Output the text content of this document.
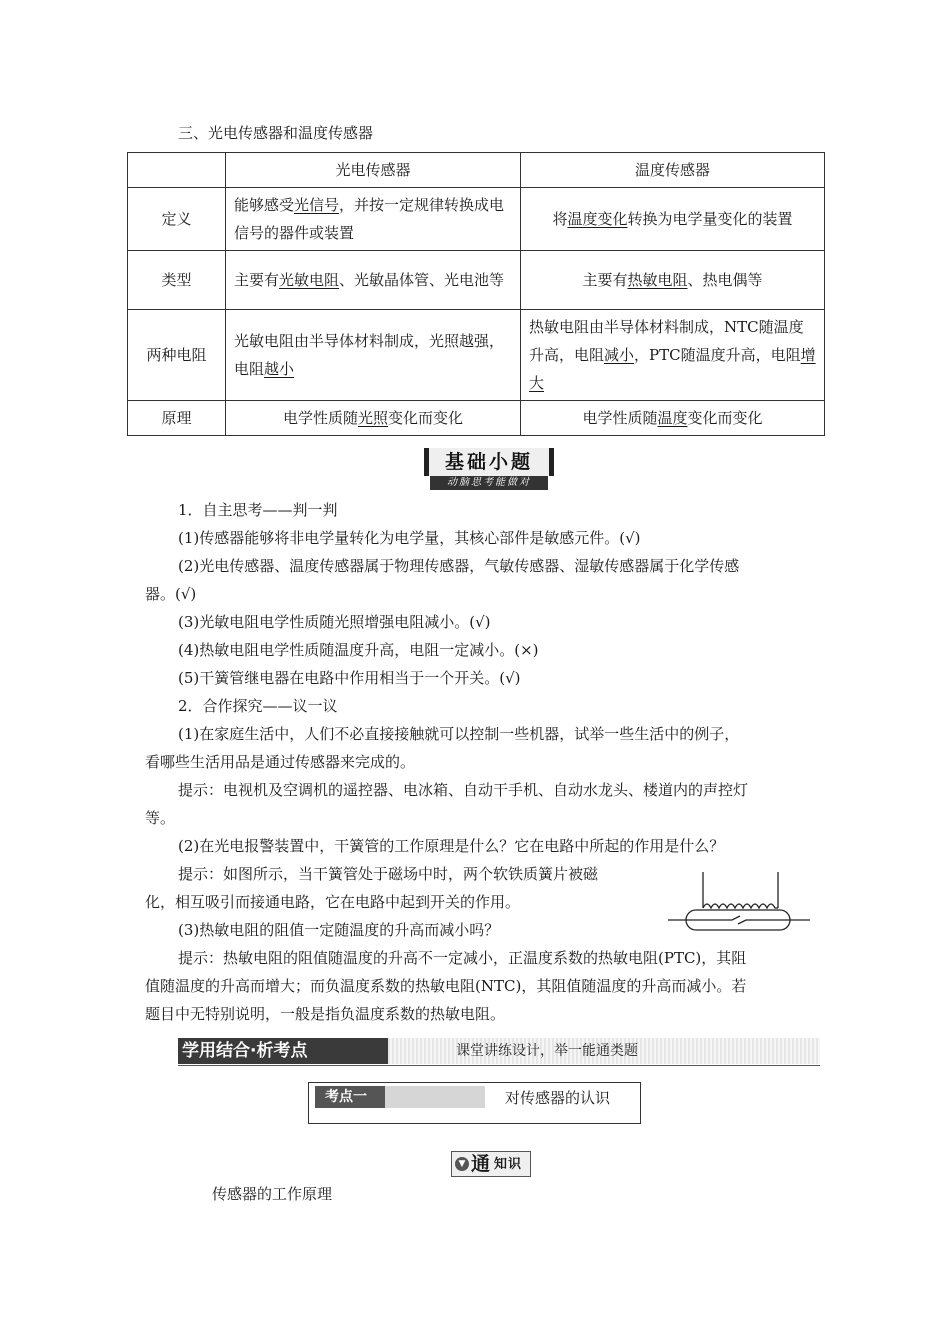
三、光电传感器和温度传感器
	光电传感器	温度传感器
定义	能够感受光信号，并按一定规律转换成电信号的器件或装置	将温度变化转换为电学量变化的装置
类型	主要有光敏电阻、光敏晶体管、光电池等	主要有热敏电阻、热电偶等
两种电阻	光敏电阻由半导体材料制成，光照越强，电阻越小	热敏电阻由半导体材料制成，NTC随温度升高，电阻减小，PTC随温度升高，电阻增大
原理	电学性质随光照变化而变化	电学性质随温度变化而变化
基础小题
动脑思考能做对
1．自主思考——判一判
(1)传感器能够将非电学量转化为电学量，其核心部件是敏感元件。(√)
(2)光电传感器、温度传感器属于物理传感器，气敏传感器、湿敏传感器属于化学传感
器。(√)
(3)光敏电阻电学性质随光照增强电阻减小。(√)
(4)热敏电阻电学性质随温度升高，电阻一定减小。(×)
(5)干簧管继电器在电路中作用相当于一个开关。(√)
2．合作探究——议一议
(1)在家庭生活中，人们不必直接接触就可以控制一些机器，试举一些生活中的例子，
看哪些生活用品是通过传感器来完成的。
提示：电视机及空调机的遥控器、电冰箱、自动干手机、自动水龙头、楼道内的声控灯
等。
(2)在光电报警装置中，干簧管的工作原理是什么？它在电路中所起的作用是什么？
提示：如图所示，当干簧管处于磁场中时，两个软铁质簧片被磁
化，相互吸引而接通电路，它在电路中起到开关的作用。
(3)热敏电阻的阻值一定随温度的升高而减小吗？
提示：热敏电阻的阻值随温度的升高不一定减小，正温度系数的热敏电阻(PTC)，其阻
值随温度的升高而增大；而负温度系数的热敏电阻(NTC)，其阻值随温度的升高而减小。若
题目中无特别说明，一般是指负温度系数的热敏电阻。
学用结合·析考点	课堂讲练设计，举一能通类题
考点一	对传感器的认识
▼ 通 知识
传感器的工作原理
